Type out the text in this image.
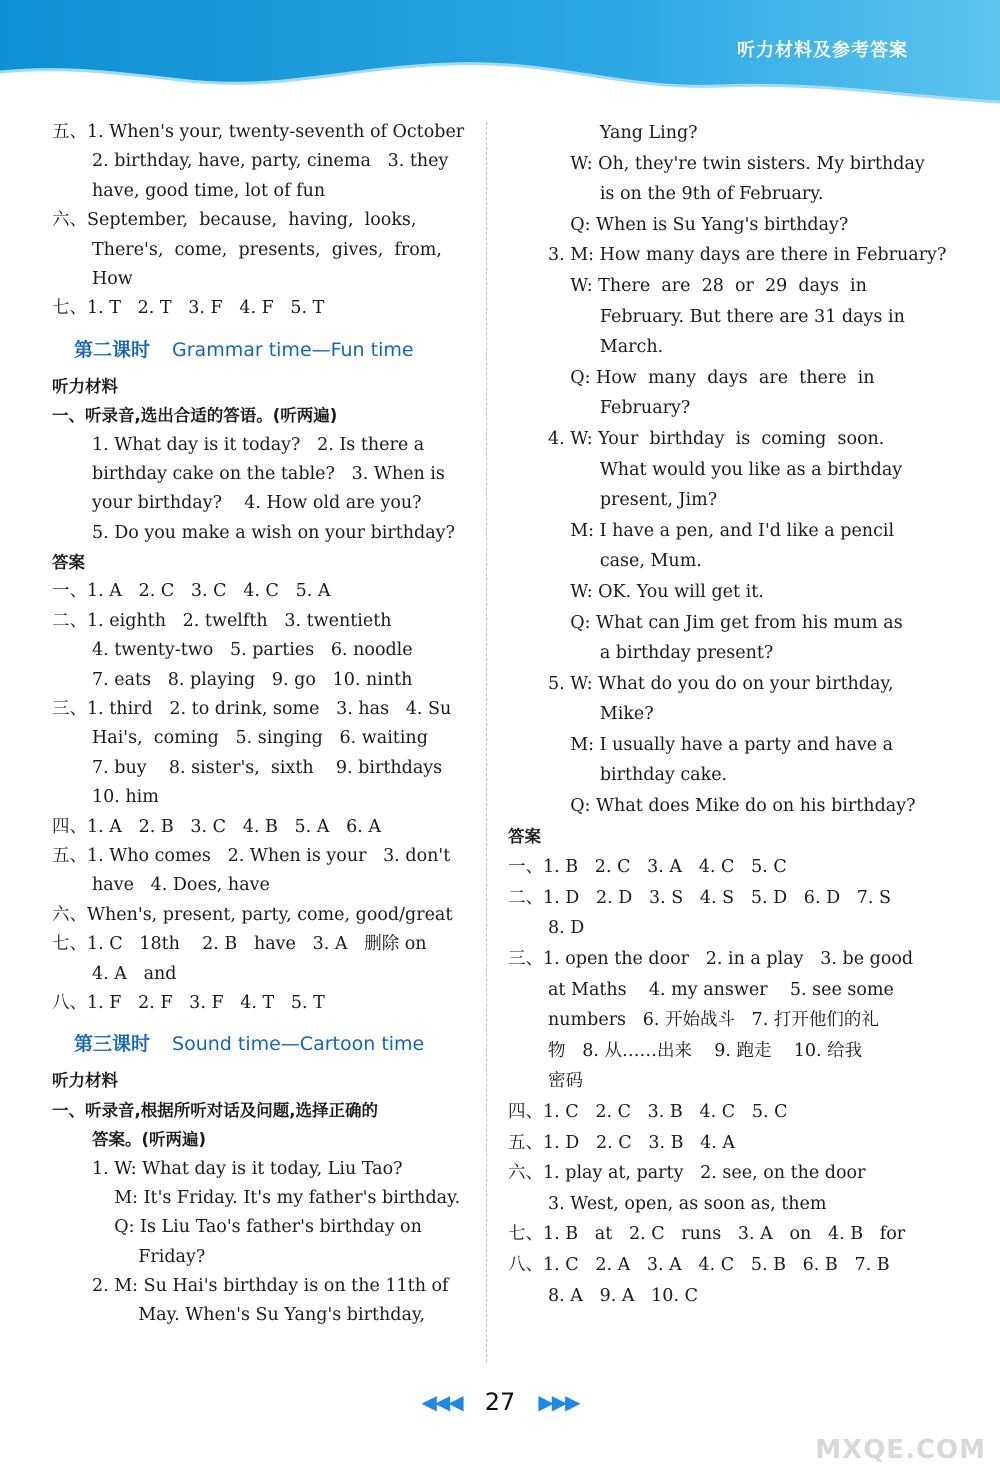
听力材料及参考答案
五、1. When's your, twenty-seventh of October
2. birthday, have, party, cinema   3. they
have, good time, lot of fun
六、September,  because,  having,  looks,
There's,  come,  presents,  gives,  from,
How
七、1. T   2. T   3. F   4. F   5. T
第二课时 Grammar time—Fun time
听力材料
一、听录音,选出合适的答语。(听两遍)
1. What day is it today?   2. Is there a
birthday cake on the table?   3. When is
your birthday?    4. How old are you?
5. Do you make a wish on your birthday?
答案
一、1. A   2. C   3. C   4. C   5. A
二、1. eighth   2. twelfth   3. twentieth
4. twenty-two   5. parties   6. noodle
7. eats   8. playing   9. go   10. ninth
三、1. third   2. to drink, some   3. has   4. Su
Hai's,  coming   5. singing   6. waiting
7. buy    8. sister's,  sixth    9. birthdays
10. him
四、1. A   2. B   3. C   4. B   5. A   6. A
五、1. Who comes   2. When is your   3. don't
have   4. Does, have
六、When's, present, party, come, good/great
七、1. C   18th    2. B   have   3. A   删除 on
4. A   and
八、1. F   2. F   3. F   4. T   5. T
第三课时 Sound time—Cartoon time
听力材料
一、听录音,根据所听对话及问题,选择正确的
答案。(听两遍)
1. W: What day is it today, Liu Tao?
M: It's Friday. It's my father's birthday.
Q: Is Liu Tao's father's birthday on
Friday?
2. M: Su Hai's birthday is on the 11th of
May. When's Su Yang's birthday,
Yang Ling?
W: Oh, they're twin sisters. My birthday
is on the 9th of February.
Q: When is Su Yang's birthday?
3. M: How many days are there in February?
W: There  are  28  or  29  days  in
February. But there are 31 days in
March.
Q: How  many  days  are  there  in
February?
4. W: Your  birthday  is  coming  soon.
What would you like as a birthday
present, Jim?
M: I have a pen, and I'd like a pencil
case, Mum.
W: OK. You will get it.
Q: What can Jim get from his mum as
a birthday present?
5. W: What do you do on your birthday,
Mike?
M: I usually have a party and have a
birthday cake.
Q: What does Mike do on his birthday?
答案
一、1. B   2. C   3. A   4. C   5. C
二、1. D   2. D   3. S   4. S   5. D   6. D   7. S
8. D
三、1. open the door   2. in a play   3. be good
at Maths    4. my answer    5. see some
numbers   6. 开始战斗   7. 打开他们的礼
物   8. 从……出来    9. 跑走    10. 给我
密码
四、1. C   2. C   3. B   4. C   5. C
五、1. D   2. C   3. B   4. A
六、1. play at, party   2. see, on the door
3. West, open, as soon as, them
七、1. B   at   2. C   runs   3. A   on   4. B   for
八、1. C   2. A   3. A   4. C   5. B   6. B   7. B
8. A   9. A   10. C
◀◀◀ 27 ▶▶▶
MXQE.COM
